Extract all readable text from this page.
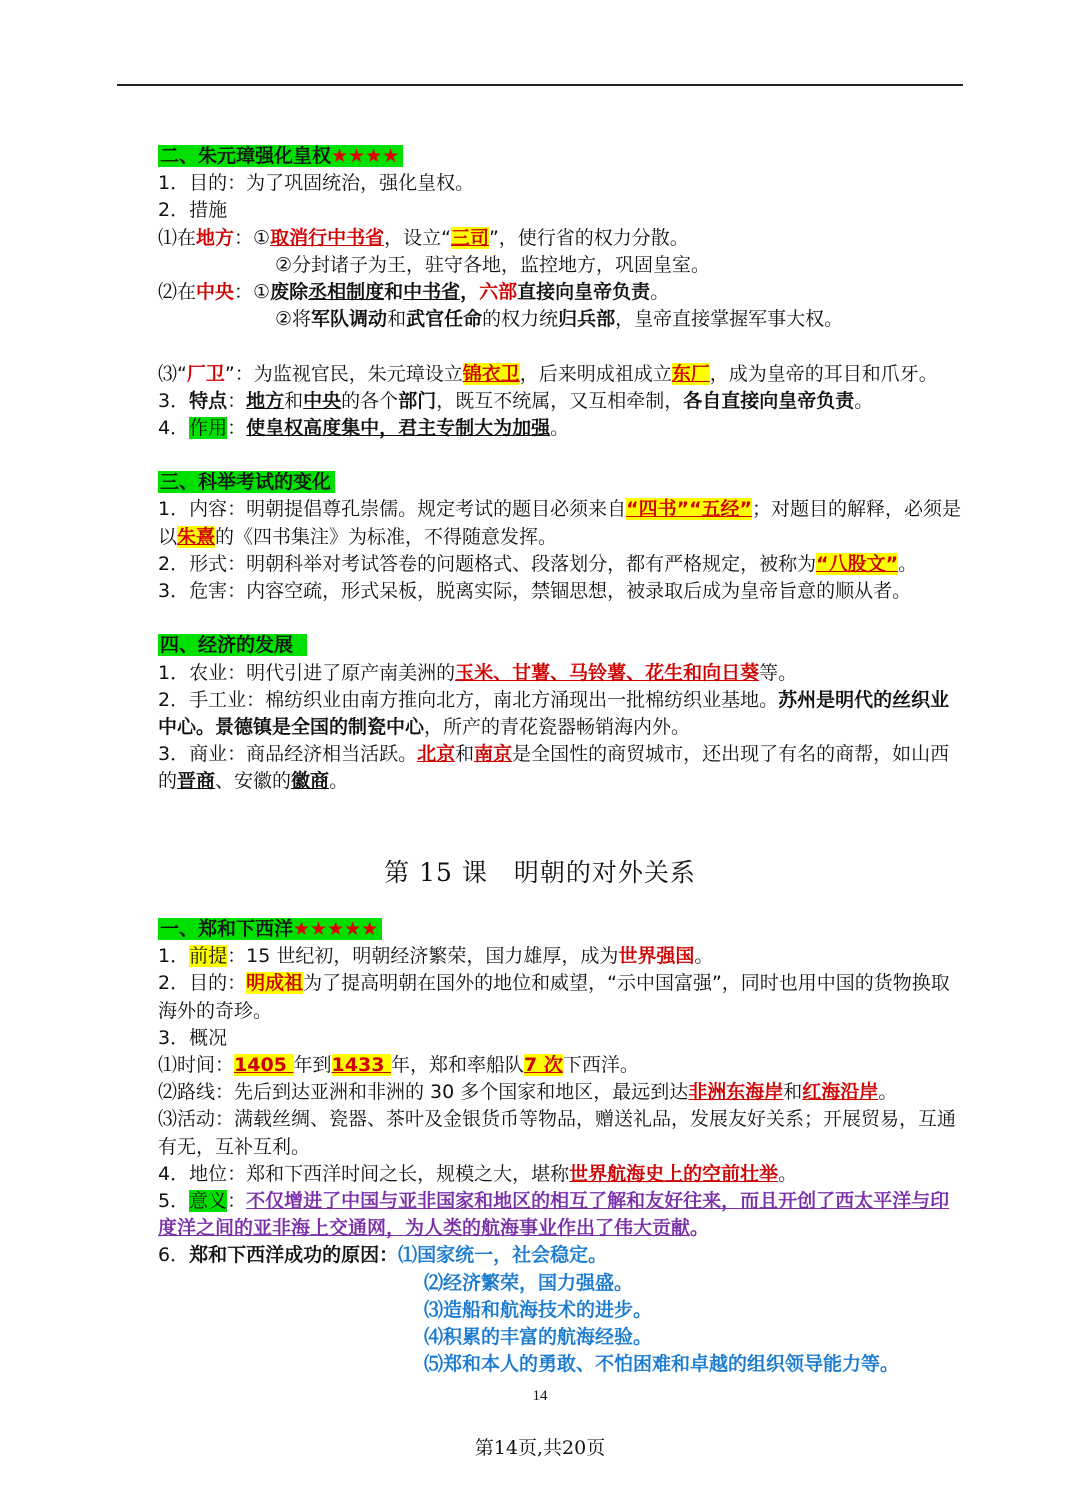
二、朱元璋强化皇权★★★★
1．目的：为了巩固统治，强化皇权。
2．措施
⑴在地方：①取消行中书省，设立“三司”，使行省的权力分散。
②分封诸子为王，驻守各地，监控地方，巩固皇室。
⑵在中央：①废除丞相制度和中书省，六部直接向皇帝负责。
②将军队调动和武官任命的权力统归兵部，皇帝直接掌握军事大权。
⑶“厂卫”：为监视官民，朱元璋设立锦衣卫，后来明成祖成立东厂，成为皇帝的耳目和爪牙。
3．特点：地方和中央的各个部门，既互不统属，又互相牵制，各自直接向皇帝负责。
4．作用：使皇权高度集中，君主专制大为加强。
三、科举考试的变化
1．内容：明朝提倡尊孔崇儒。规定考试的题目必须来自“四书”“五经”；对题目的解释，必须是以朱熹的《四书集注》为标准，不得随意发挥。
2．形式：明朝科举对考试答卷的问题格式、段落划分，都有严格规定，被称为“八股文”。
3．危害：内容空疏，形式呆板，脱离实际，禁锢思想，被录取后成为皇帝旨意的顺从者。
四、经济的发展
1．农业：明代引进了原产南美洲的玉米、甘薯、马铃薯、花生和向日葵等。
2．手工业：棉纺织业由南方推向北方，南北方涌现出一批棉纺织业基地。苏州是明代的丝织业中心。景德镇是全国的制瓷中心，所产的青花瓷器畅销海内外。
3．商业：商品经济相当活跃。北京和南京是全国性的商贸城市，还出现了有名的商帮，如山西的晋商、安徽的徽商。
第 15 课　明朝的对外关系
一、郑和下西洋★★★★★
1．前提：15 世纪初，明朝经济繁荣，国力雄厚，成为世界强国。
2．目的：明成祖为了提高明朝在国外的地位和威望，“示中国富强”，同时也用中国的货物换取海外的奇珍。
3．概况
⑴时间：1405 年到1433 年，郑和率船队7 次下西洋。
⑵路线：先后到达亚洲和非洲的 30 多个国家和地区，最远到达非洲东海岸和红海沿岸。
⑶活动：满载丝绸、瓷器、茶叶及金银货币等物品，赠送礼品，发展友好关系；开展贸易，互通有无，互补互利。
4．地位：郑和下西洋时间之长，规模之大，堪称世界航海史上的空前壮举。
5．意义：不仅增进了中国与亚非国家和地区的相互了解和友好往来，而且开创了西太平洋与印度洋之间的亚非海上交通网，为人类的航海事业作出了伟大贡献。
6．郑和下西洋成功的原因：⑴国家统一，社会稳定。
⑵经济繁荣，国力强盛。
⑶造船和航海技术的进步。
⑷积累的丰富的航海经验。
⑸郑和本人的勇敢、不怕困难和卓越的组织领导能力等。
14
第14页,共20页
